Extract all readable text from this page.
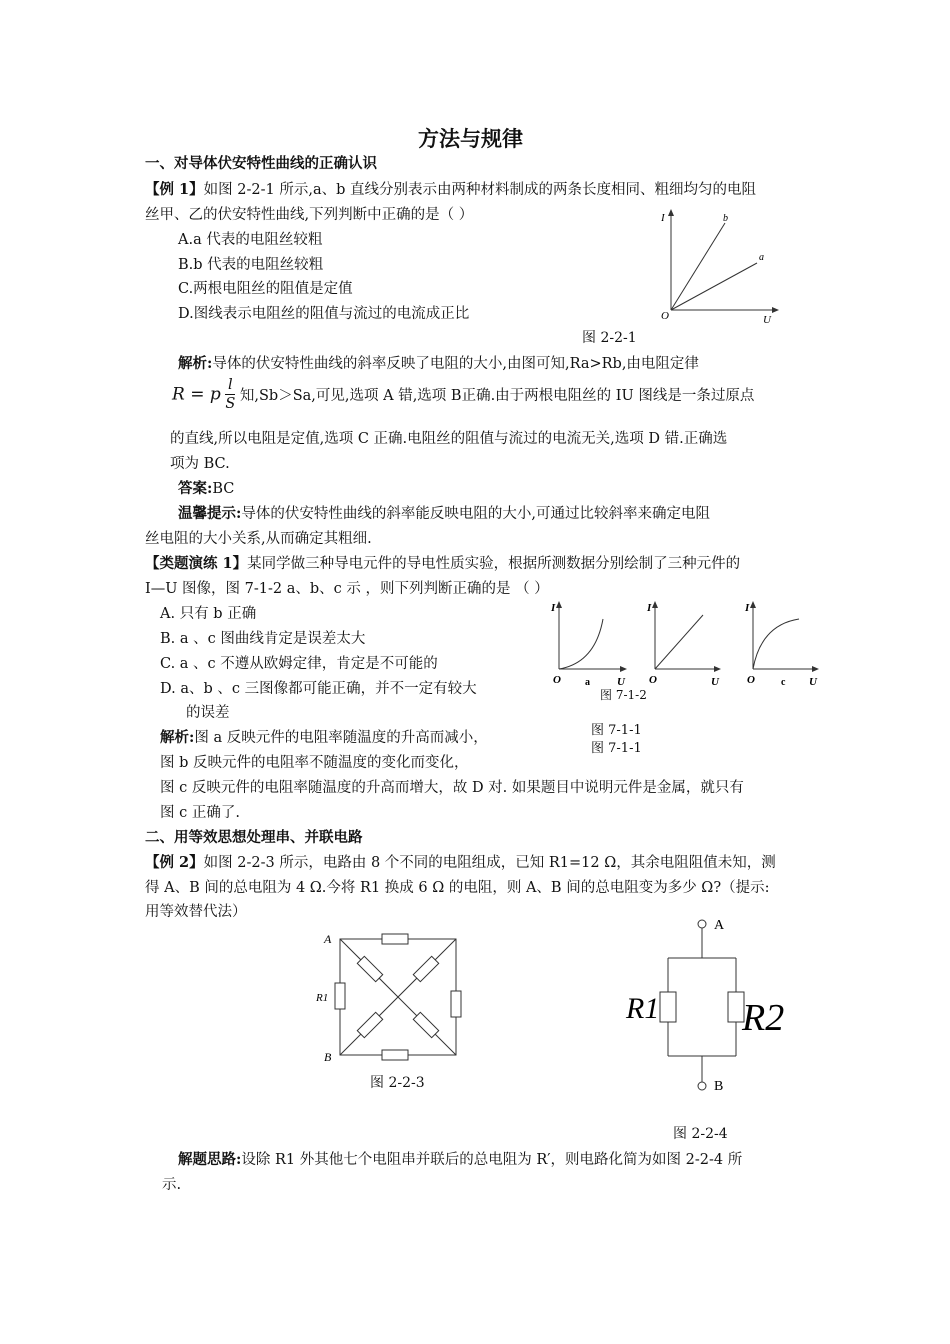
方法与规律
一、对导体伏安特性曲线的正确认识
【例 1】如图 2-2-1 所示,a、b 直线分别表示由两种材料制成的两条长度相同、粗细均匀的电阻
丝甲、乙的伏安特性曲线,下列判断中正确的是（ ）
A.a 代表的电阻丝较粗
B.b 代表的电阻丝较粗
C.两根电阻丝的阻值是定值
D.图线表示电阻丝的阻值与流过的电流成正比
I	b
a
O	U
图 2-2-1
解析:导体的伏安特性曲线的斜率反映了电阻的大小,由图可知,Ra>Rb,由电阻定律
R = p $\frac{l}{S}$ 知,Sb＞Sa,可见,选项 A 错,选项 B正确.由于两根电阻丝的 IU 图线是一条过原点
的直线,所以电阻是定值,选项 C 正确.电阻丝的阻值与流过的电流无关,选项 D 错.正确选
项为 BC.
答案:BC
温馨提示:导体的伏安特性曲线的斜率能反映电阻的大小,可通过比较斜率来确定电阻
丝电阻的大小关系,从而确定其粗细.
【类题演练 1】某同学做三种导电元件的导电性质实验，根据所测数据分别绘制了三种元件的
I—U 图像，图 7-1-2 a、b、c 示 ，则下列判断正确的是 （ ）
A. 只有 b 正确
B. a 、c 图曲线肯定是误差太大
C. a 、c 不遵从欧姆定律，肯定是不可能的
D. a、b 、c 三图像都可能正确，并不一定有较大
的误差
I
O a U
I
O	U
I
O	c U
图 7-1-2
图 7-1-1
图 7-1-1
解析:图 a 反映元件的电阻率随温度的升高而减小，
图 b 反映元件的电阻率不随温度的变化而变化，
图 c 反映元件的电阻率随温度的升高而增大，故 D 对. 如果题目中说明元件是金属，就只有
图 c 正确了.
二、用等效思想处理串、并联电路
【例 2】如图 2-2-3 所示，电路由 8 个不同的电阻组成，已知 R1=12 Ω，其余电阻阻值未知，测
得 A、B 间的总电阻为 4 Ω.今将 R1 换成 6 Ω 的电阻，则 A、B 间的总电阻变为多少 Ω?（提示:
用等效替代法）
A
B
R1
图 2-2-3
A
B
R1 R2
图 2-2-4
解题思路:设除 R1 外其他七个电阻串并联后的总电阻为 R′，则电路化简为如图 2-2-4 所
示.
